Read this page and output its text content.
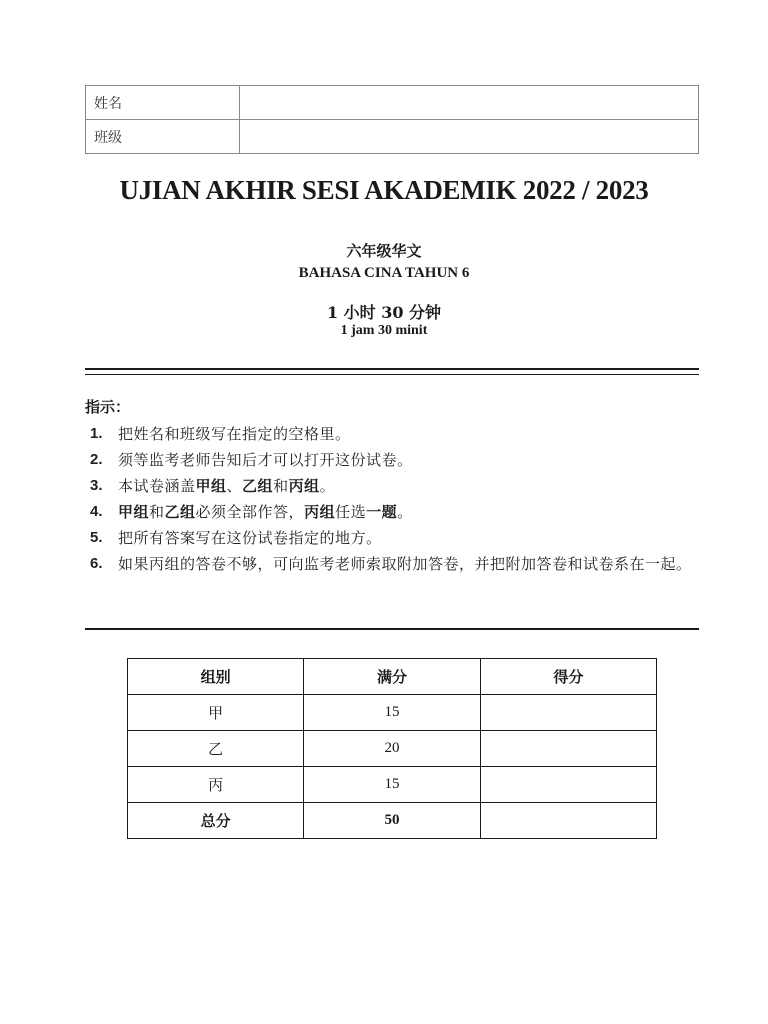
姓名	
班级	
UJIAN AKHIR SESI AKADEMIK 2022 / 2023
六年级华文
BAHASA CINA TAHUN 6
1 小时 30 分钟
1 jam 30 minit
指示：
1.	把姓名和班级写在指定的空格里。
2.	须等监考老师告知后才可以打开这份试卷。
3.	本试卷涵盖甲组、乙组和丙组。
4.	甲组和乙组必须全部作答，丙组任选一题。
5.	把所有答案写在这份试卷指定的地方。
6.	如果丙组的答卷不够，可向监考老师索取附加答卷，并把附加答卷和试卷系在一起。
组别	满分	得分
甲	15	
乙	20	
丙	15	
总分	50	
